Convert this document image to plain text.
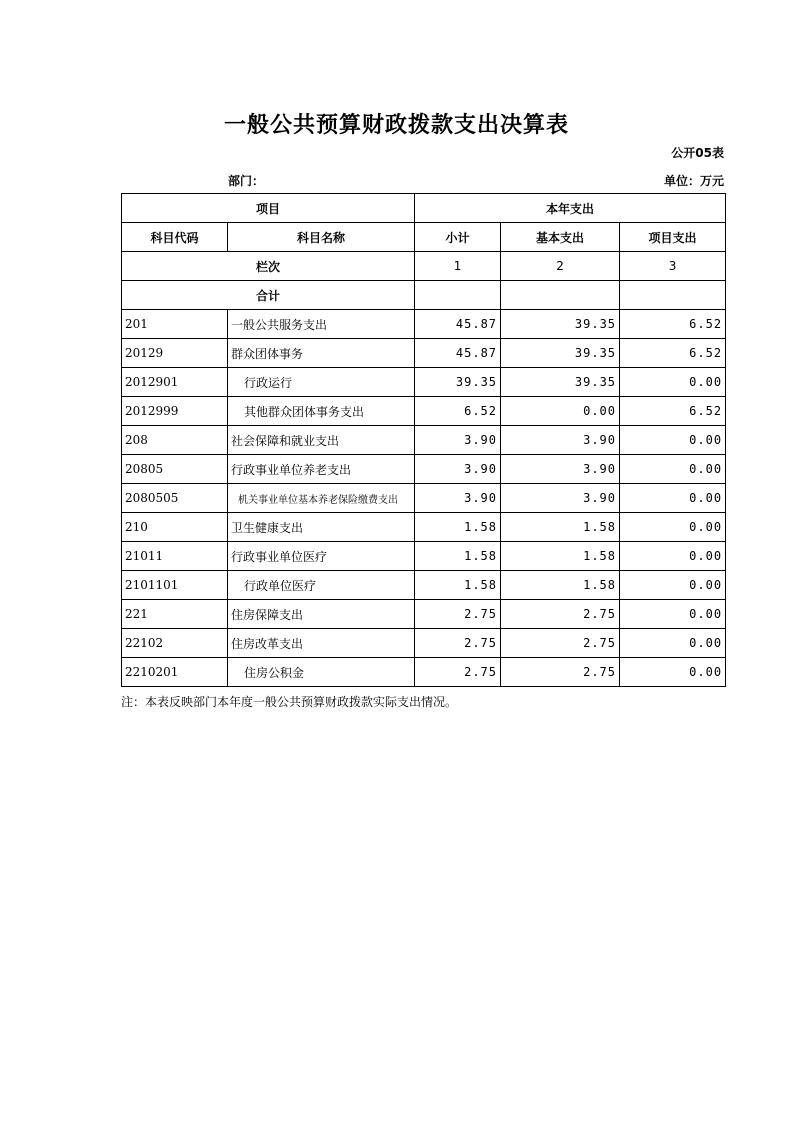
一般公共预算财政拨款支出决算表
公开05表
部门：	单位：万元
项目		本年支出		
科目代码	科目名称	小计	基本支出	项目支出
栏次		1	2	3
合计				
201	一般公共服务支出	45.87	39.35	6.52
20129	群众团体事务	45.87	39.35	6.52
2012901	行政运行	39.35	39.35	0.00
2012999	其他群众团体事务支出	6.52	0.00	6.52
208	社会保障和就业支出	3.90	3.90	0.00
20805	行政事业单位养老支出	3.90	3.90	0.00
2080505	机关事业单位基本养老保险缴费支出	3.90	3.90	0.00
210	卫生健康支出	1.58	1.58	0.00
21011	行政事业单位医疗	1.58	1.58	0.00
2101101	行政单位医疗	1.58	1.58	0.00
221	住房保障支出	2.75	2.75	0.00
22102	住房改革支出	2.75	2.75	0.00
2210201	住房公积金	2.75	2.75	0.00
注：本表反映部门本年度一般公共预算财政拨款实际支出情况。
